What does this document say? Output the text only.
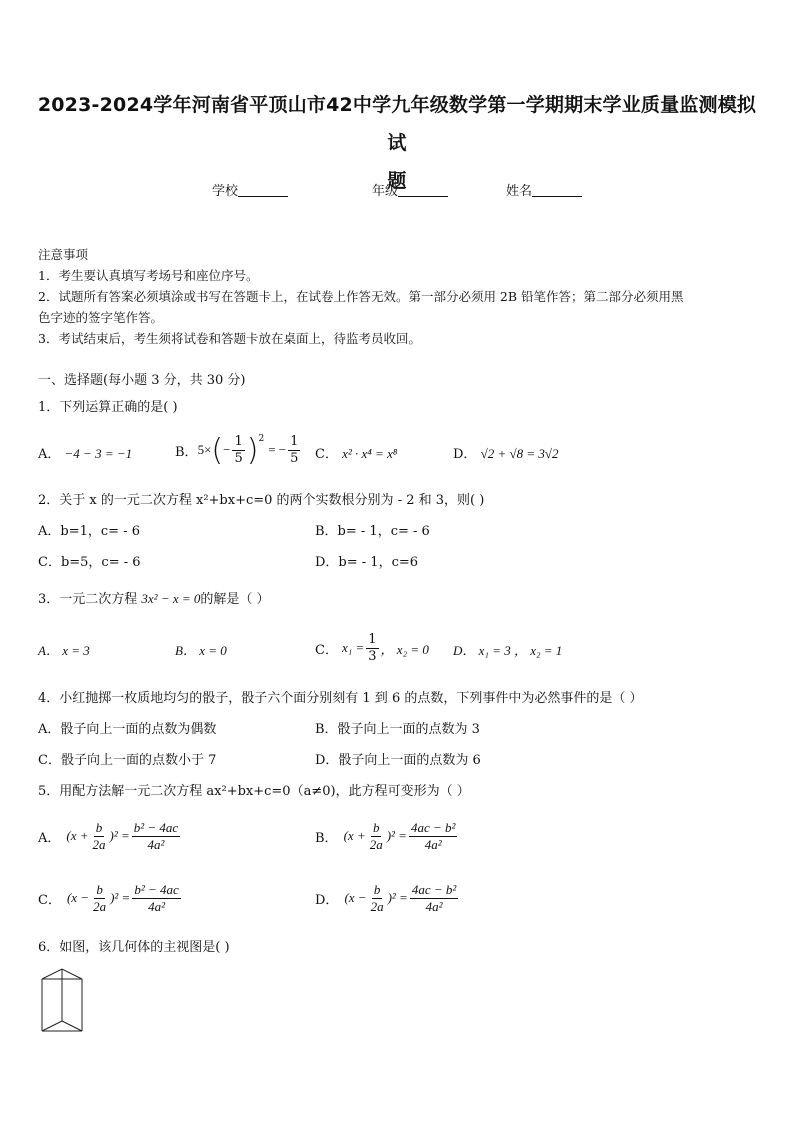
2023-2024学年河南省平顶山市42中学九年级数学第一学期期末学业质量监测模拟试
题
学校	年级	姓名
注意事项
1．考生要认真填写考场号和座位序号。
2．试题所有答案必须填涂或书写在答题卡上，在试卷上作答无效。第一部分必须用 2B 铅笔作答；第二部分必须用黑
色字迹的签字笔作答。
3．考试结束后，考生须将试卷和答题卡放在桌面上，待监考员收回。
一、选择题(每小题 3 分，共 30 分)
1．下列运算正确的是( )
A． −4 − 3 = −1	B． 5× ( − $\frac{1}{5} )^2$
= − $\frac{1}{5}$ C． x² · x⁴ = x⁸	D． √2 + √8 = 3√2
2．关于 x 的一元二次方程 x²+bx+c=0 的两个实数根分别为 - 2 和 3，则( )
A．b=1，c= - 6	B．b= - 1，c= - 6
C．b=5，c= - 6	D．b= - 1，c=6
3．一元二次方程 3x² − x = 0的解是（ ）
A． x = 3	B． x = 0	C． $x_1 = \frac{1}{3}$ ， x₂ = 0 D． x₁ = 3 ， x₂ = 1
4．小红抛掷一枚质地均匀的骰子，骰子六个面分别刻有 1 到 6 的点数，下列事件中为必然事件的是（ ）
A．骰子向上一面的点数为偶数	B．骰子向上一面的点数为 3
C．骰子向上一面的点数小于 7	D．骰子向上一面的点数为 6
5．用配方法解一元二次方程 ax²+bx+c=0（a≠0)，此方程可变形为（ ）
A． $(x + \frac{b}{2a} )^2 = \frac{\text{b² − 4ac}}{\text{4a²}}$	B． $(x + \frac{b}{2a} )^2 = \frac{\text{4ac − b²}}{\text{4a²}}$
C． $(x - \frac{b}{2a} )^2 = \frac{\text{b² − 4ac}}{\text{4a²}}$	D． $(x - \frac{b}{2a} )^2 = \frac{\text{4ac − b²}}{\text{4a²}}$
6．如图，该几何体的主视图是( )
